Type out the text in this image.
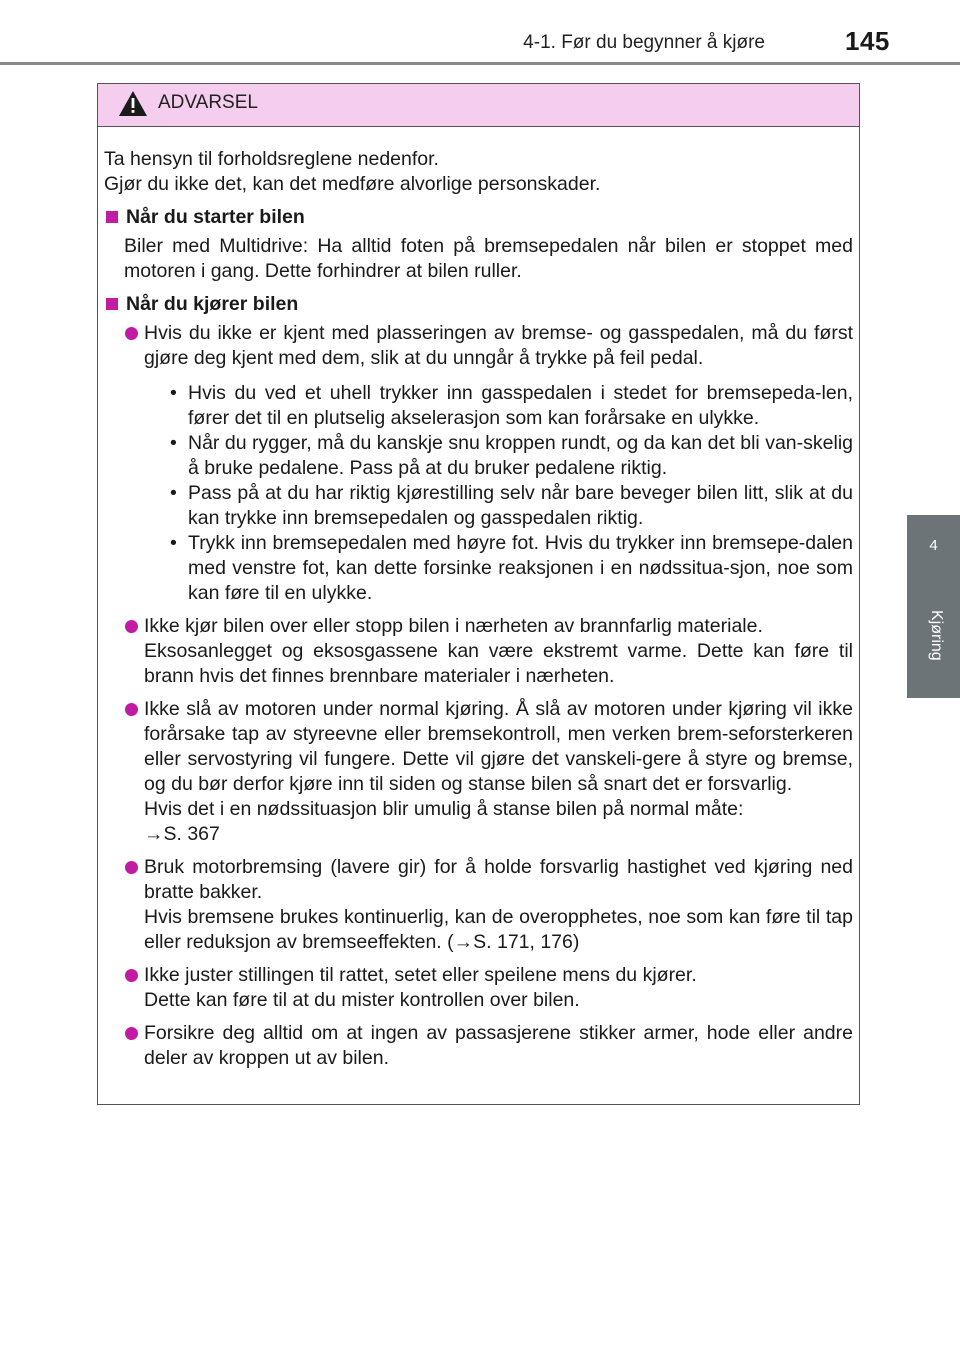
4-1. Før du begynner å kjøre	145
4
Kjøring
ADVARSEL

Ta hensyn til forholdsreglene nedenfor.

Gjør du ikke det, kan det medføre alvorlige personskader.

Når du starter bilen
Biler med Multidrive: Ha alltid foten på bremsepedalen når bilen er stoppet med motoren i gang. Dette forhindrer at bilen ruller.
Når du kjører bilen

Hvis du ikke er kjent med plasseringen av bremse- og gasspedalen, må du først gjøre deg kjent med dem, slik at du unngår å trykke på feil pedal.

• Hvis du ved et uhell trykker inn gasspedalen i stedet for bremsepeda-len, fører det til en plutselig akselerasjon som kan forårsake en ulykke.
• Når du rygger, må du kanskje snu kroppen rundt, og da kan det bli van-skelig å bruke pedalene. Pass på at du bruker pedalene riktig.
• Pass på at du har riktig kjørestilling selv når bare beveger bilen litt, slik at du kan trykke inn bremsepedalen og gasspedalen riktig.
• Trykk inn bremsepedalen med høyre fot. Hvis du trykker inn bremsepe-dalen med venstre fot, kan dette forsinke reaksjonen i en nødssitua-sjon, noe som kan føre til en ulykke.

Ikke kjør bilen over eller stopp bilen i nærheten av brannfarlig materiale.

Eksosanlegget og eksosgassene kan være ekstremt varme. Dette kan føre til brann hvis det finnes brennbare materialer i nærheten.

Ikke slå av motoren under normal kjøring. Å slå av motoren under kjøring vil ikke forårsake tap av styreevne eller bremsekontroll, men verken brem-seforsterkeren eller servostyring vil fungere. Dette vil gjøre det vanskeli-gere å styre og bremse, og du bør derfor kjøre inn til siden og stanse bilen så snart det er forsvarlig.

Hvis det i en nødssituasjon blir umulig å stanse bilen på normal måte:

→S. 367

Bruk motorbremsing (lavere gir) for å holde forsvarlig hastighet ved kjøring ned bratte bakker.

Hvis bremsene brukes kontinuerlig, kan de overopphetes, noe som kan føre til tap eller reduksjon av bremseeffekten. (→S. 171, 176)

Ikke juster stillingen til rattet, setet eller speilene mens du kjører.

Dette kan føre til at du mister kontrollen over bilen.

Forsikre deg alltid om at ingen av passasjerene stikker armer, hode eller andre deler av kroppen ut av bilen.
